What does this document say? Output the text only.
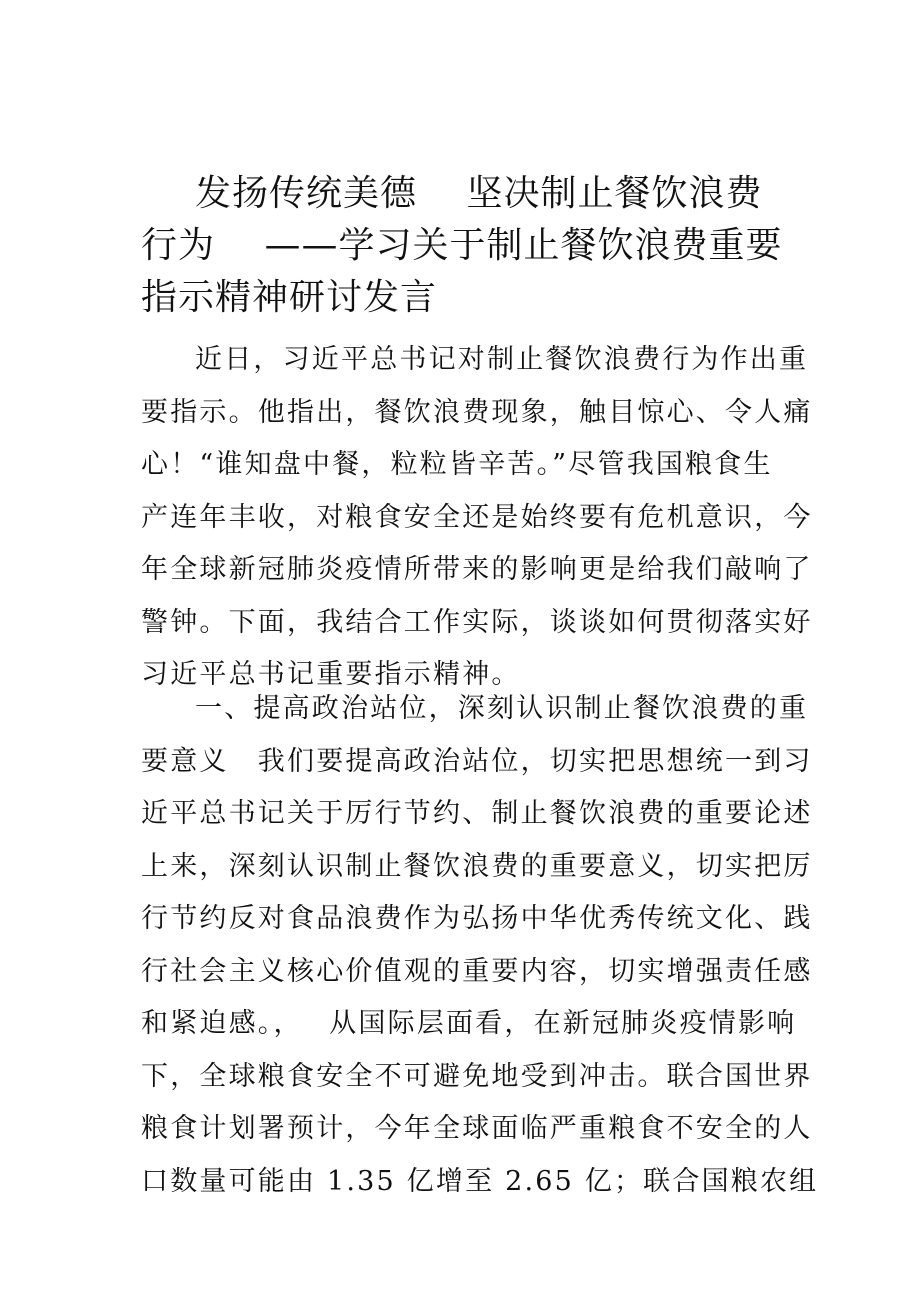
发扬传统美德　 坚决制止餐饮浪费
行为　 ——学习关于制止餐饮浪费重要
指示精神研讨发言
近日，习近平总书记对制止餐饮浪费行为作出重
要指示。他指出，餐饮浪费现象，触目惊心、令人痛
心！“谁知盘中餐，粒粒皆辛苦。”尽管我国粮食生
产连年丰收，对粮食安全还是始终要有危机意识，今
年全球新冠肺炎疫情所带来的影响更是给我们敲响了
警钟。下面，我结合工作实际，谈谈如何贯彻落实好
习近平总书记重要指示精神。
一、提高政治站位，深刻认识制止餐饮浪费的重
要意义　我们要提高政治站位，切实把思想统一到习
近平总书记关于厉行节约、制止餐饮浪费的重要论述
上来，深刻认识制止餐饮浪费的重要意义，切实把厉
行节约反对食品浪费作为弘扬中华优秀传统文化、践
行社会主义核心价值观的重要内容，切实增强责任感
和紧迫感。，　 从国际层面看，在新冠肺炎疫情影响
下，全球粮食安全不可避免地受到冲击。联合国世界
粮食计划署预计，今年全球面临严重粮食不安全的人
口数量可能由 1.35 亿增至 2.65 亿；联合国粮农组
